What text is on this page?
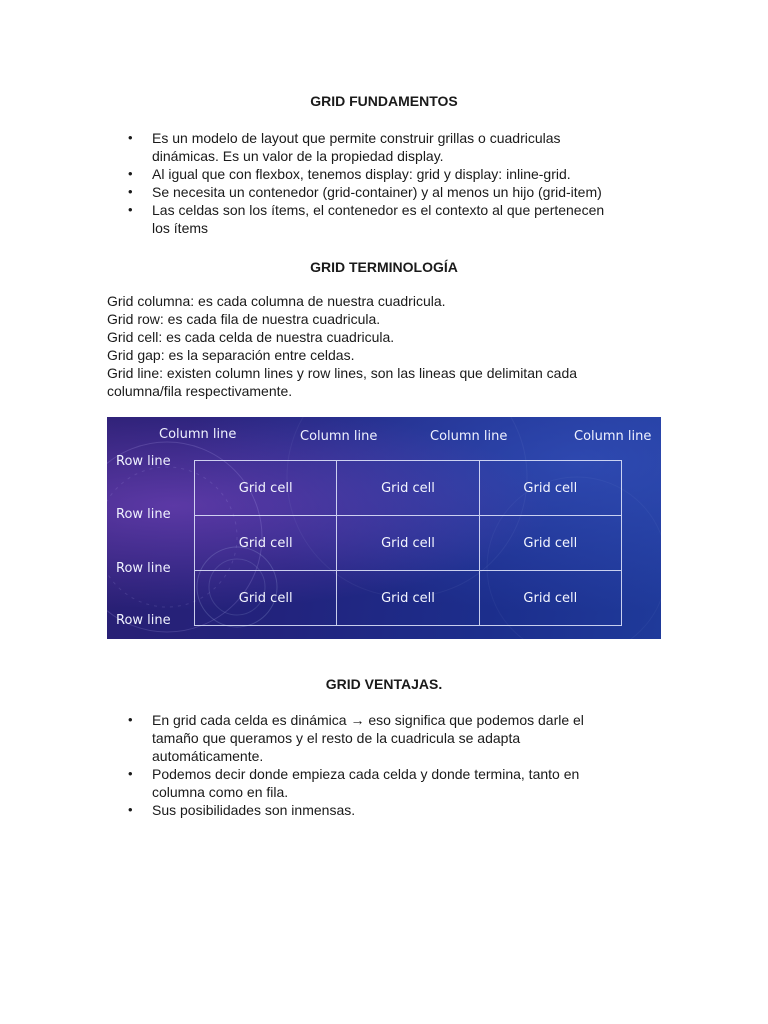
GRID FUNDAMENTOS
• Es un modelo de layout que permite construir grillas o cuadriculas
dinámicas. Es un valor de la propiedad display.
• Al igual que con flexbox, tenemos display: grid y display: inline-grid.
• Se necesita un contenedor (grid-container) y al menos un hijo (grid-item)
• Las celdas son los ítems, el contenedor es el contexto al que pertenecen
los ítems
GRID TERMINOLOGÍA
Grid columna: es cada columna de nuestra cuadricula.
Grid row: es cada fila de nuestra cuadricula.
Grid cell: es cada celda de nuestra cuadricula.
Grid gap: es la separación entre celdas.
Grid line: existen column lines y row lines, son las lineas que delimitan cada
columna/fila respectivamente.
Column line	Column line	Column line	Column line
Row line
Row line
Row line
Row line
Grid cell	Grid cell	Grid cell
Grid cell	Grid cell	Grid cell
Grid cell	Grid cell	Grid cell
GRID VENTAJAS.
• En grid cada celda es dinámica → eso significa que podemos darle el
tamaño que queramos y el resto de la cuadricula se adapta
automáticamente.
• Podemos decir donde empieza cada celda y donde termina, tanto en
columna como en fila.
• Sus posibilidades son inmensas.
